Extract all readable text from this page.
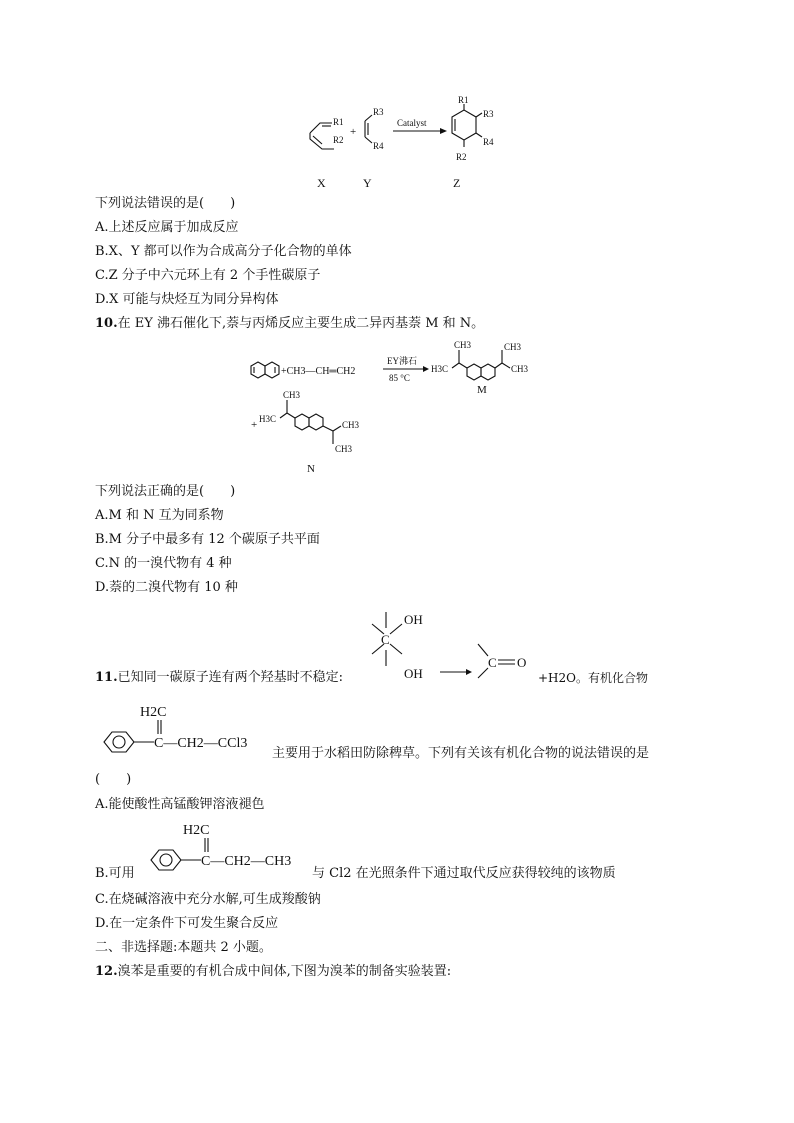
R1
R2
+
R3
R4
Catalyst
R1
R3
R4
R2
X	Y	Z
下列说法错误的是(　　)
A.上述反应属于加成反应
B.X、Y 都可以作为合成高分子化合物的单体
C.Z 分子中六元环上有 2 个手性碳原子
D.X 可能与炔烃互为同分异构体
10.在 EY 沸石催化下,萘与丙烯反应主要生成二异丙基萘 M 和 N。
+CH3—CH═CH2
EY沸石
85 °C
H3C
CH3	CH3
CH3
M
+ H3C
CH3
CH3
CH3
N
下列说法正确的是(　　)
A.M 和 N 互为同系物
B.M 分子中最多有 12 个碳原子共平面
C.N 的一溴代物有 4 种
D.萘的二溴代物有 10 种
C
OH
OH
C O
11.已知同一碳原子连有两个羟基时不稳定:	+H2O。有机化合物
H2C
C—CH2—CCl3
主要用于水稻田防除稗草。下列有关该有机化合物的说法错误的是
(　　)
A.能使酸性高锰酸钾溶液褪色
H2C
C—CH2—CH3
B.可用	与 Cl2 在光照条件下通过取代反应获得较纯的该物质
C.在烧碱溶液中充分水解,可生成羧酸钠
D.在一定条件下可发生聚合反应
二、非选择题:本题共 2 小题。
12.溴苯是重要的有机合成中间体,下图为溴苯的制备实验装置:
